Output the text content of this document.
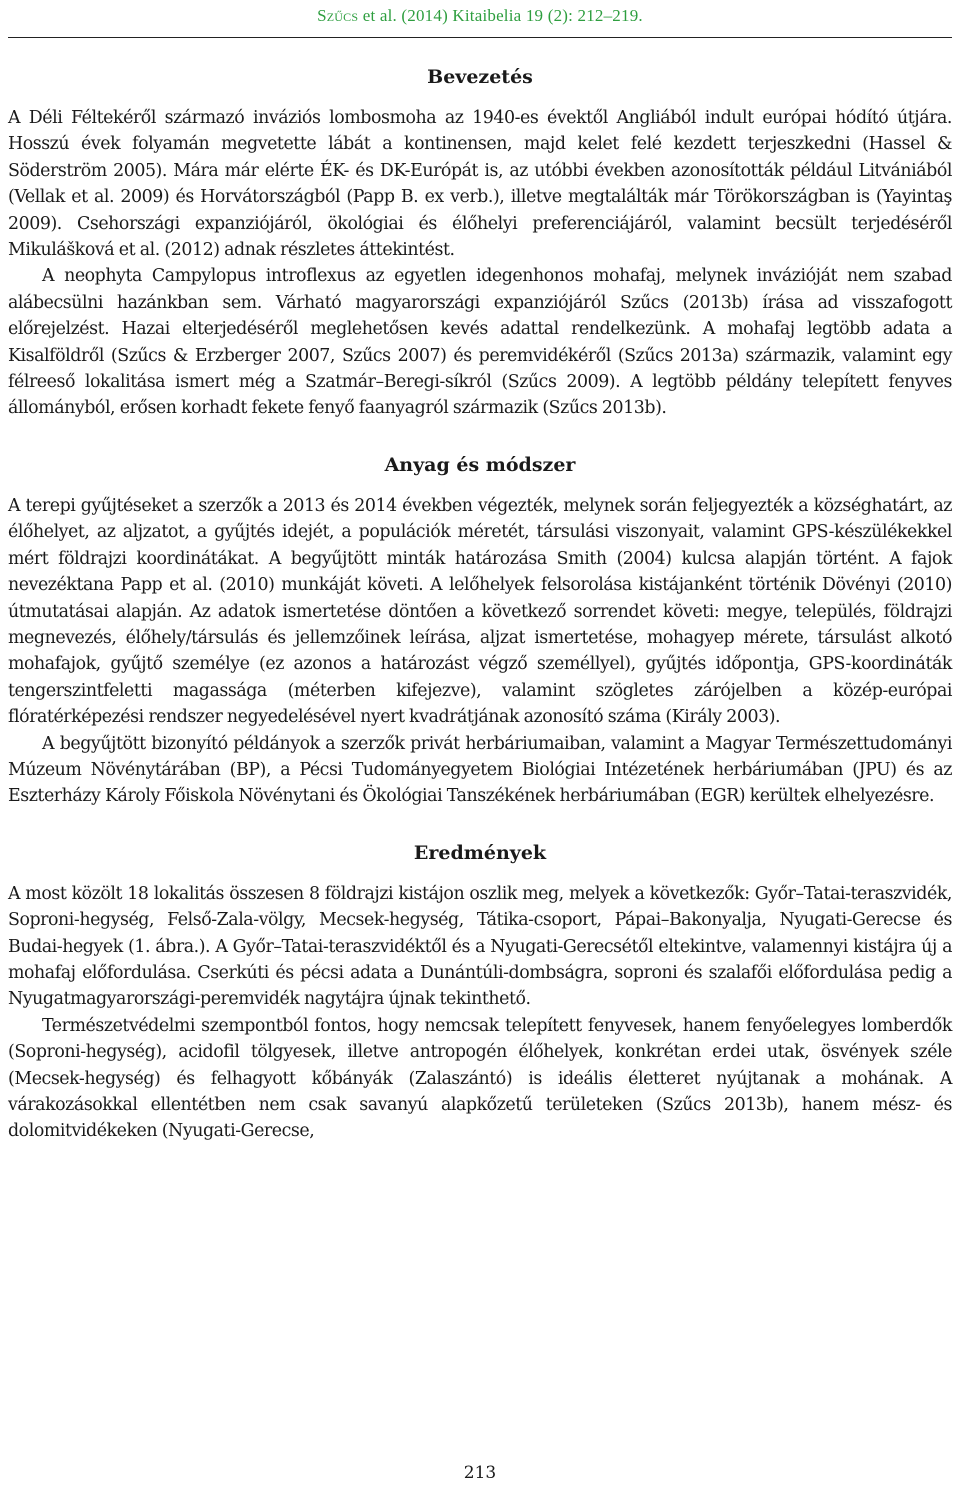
Szűcs et al. (2014) Kitaibelia 19 (2): 212–219.
Bevezetés

A Déli Féltekéről származó inváziós lombosmoha az 1940-es évektől Angliából indult európai hódító útjára. Hosszú évek folyamán megvetette lábát a kontinensen, majd kelet felé kezdett terjeszkedni (Hassel & Söderström 2005). Mára már elérte ÉK- és DK-Európát is, az utóbbi években azonosították például Litvániából (Vellak et al. 2009) és Horvátországból (Papp B. ex verb.), illetve megtalálták már Törökországban is (Yayintaş 2009). Csehországi expanziójáról, ökológiai és élőhelyi preferenciájáról, valamint becsült terjedéséről Mikulášková et al. (2012) adnak részletes áttekintést.

A neophyta Campylopus introflexus az egyetlen idegenhonos mohafaj, melynek invázióját nem szabad alábecsülni hazánkban sem. Várható magyarországi expanziójáról Szűcs (2013b) írása ad visszafogott előrejelzést. Hazai elterjedéséről meglehetősen kevés adattal rendelkezünk. A mohafaj legtöbb adata a Kisalföldről (Szűcs & Erzberger 2007, Szűcs 2007) és peremvidékéről (Szűcs 2013a) származik, valamint egy félreeső lokalitása ismert még a Szatmár–Beregi-síkról (Szűcs 2009). A legtöbb példány telepített fenyves állományból, erősen korhadt fekete fenyő faanyagról származik (Szűcs 2013b).

Anyag és módszer

A terepi gyűjtéseket a szerzők a 2013 és 2014 években végezték, melynek során feljegyezték a községhatárt, az élőhelyet, az aljzatot, a gyűjtés idejét, a populációk méretét, társulási viszonyait, valamint GPS-készülékekkel mért földrajzi koordinátákat. A begyűjtött minták határozása Smith (2004) kulcsa alapján történt. A fajok nevezéktana Papp et al. (2010) munkáját követi. A lelőhelyek felsorolása kistájanként történik Dövényi (2010) útmutatásai alapján. Az adatok ismertetése döntően a következő sorrendet követi: megye, település, földrajzi megnevezés, élőhely/társulás és jellemzőinek leírása, aljzat ismertetése, mohagyep mérete, társulást alkotó mohafajok, gyűjtő személye (ez azonos a határozást végző személlyel), gyűjtés időpontja, GPS-koordináták tengerszintfeletti magassága (méterben kifejezve), valamint szögletes zárójelben a közép-európai flóratérképezési rendszer negyedelésével nyert kvadrátjának azonosító száma (Király 2003).

A begyűjtött bizonyító példányok a szerzők privát herbáriumaiban, valamint a Magyar Természettudományi Múzeum Növénytárában (BP), a Pécsi Tudományegyetem Biológiai Intézetének herbáriumában (JPU) és az Eszterházy Károly Főiskola Növénytani és Ökológiai Tanszékének herbáriumában (EGR) kerültek elhelyezésre.

Eredmények

A most közölt 18 lokalitás összesen 8 földrajzi kistájon oszlik meg, melyek a következők: Győr–Tatai-teraszvidék, Soproni-hegység, Felső-Zala-völgy, Mecsek-hegység, Tátika-csoport, Pápai–Bakonyalja, Nyugati-Gerecse és Budai-hegyek (1. ábra.). A Győr–Tatai-teraszvidéktől és a Nyugati-Gerecsétől eltekintve, valamennyi kistájra új a mohafaj előfordulása. Cserkúti és pécsi adata a Dunántúli-dombságra, soproni és szalafői előfordulása pedig a Nyugatmagyarországi-peremvidék nagytájra újnak tekinthető.

Természetvédelmi szempontból fontos, hogy nemcsak telepített fenyvesek, hanem fenyőelegyes lomberdők (Soproni-hegység), acidofil tölgyesek, illetve antropogén élőhelyek, konkrétan erdei utak, ösvények széle (Mecsek-hegység) és felhagyott kőbányák (Zalaszántó) is ideális életteret nyújtanak a mohának. A várakozásokkal ellentétben nem csak savanyú alapkőzetű területeken (Szűcs 2013b), hanem mész- és dolomitvidékeken (Nyugati-Gerecse,

213
